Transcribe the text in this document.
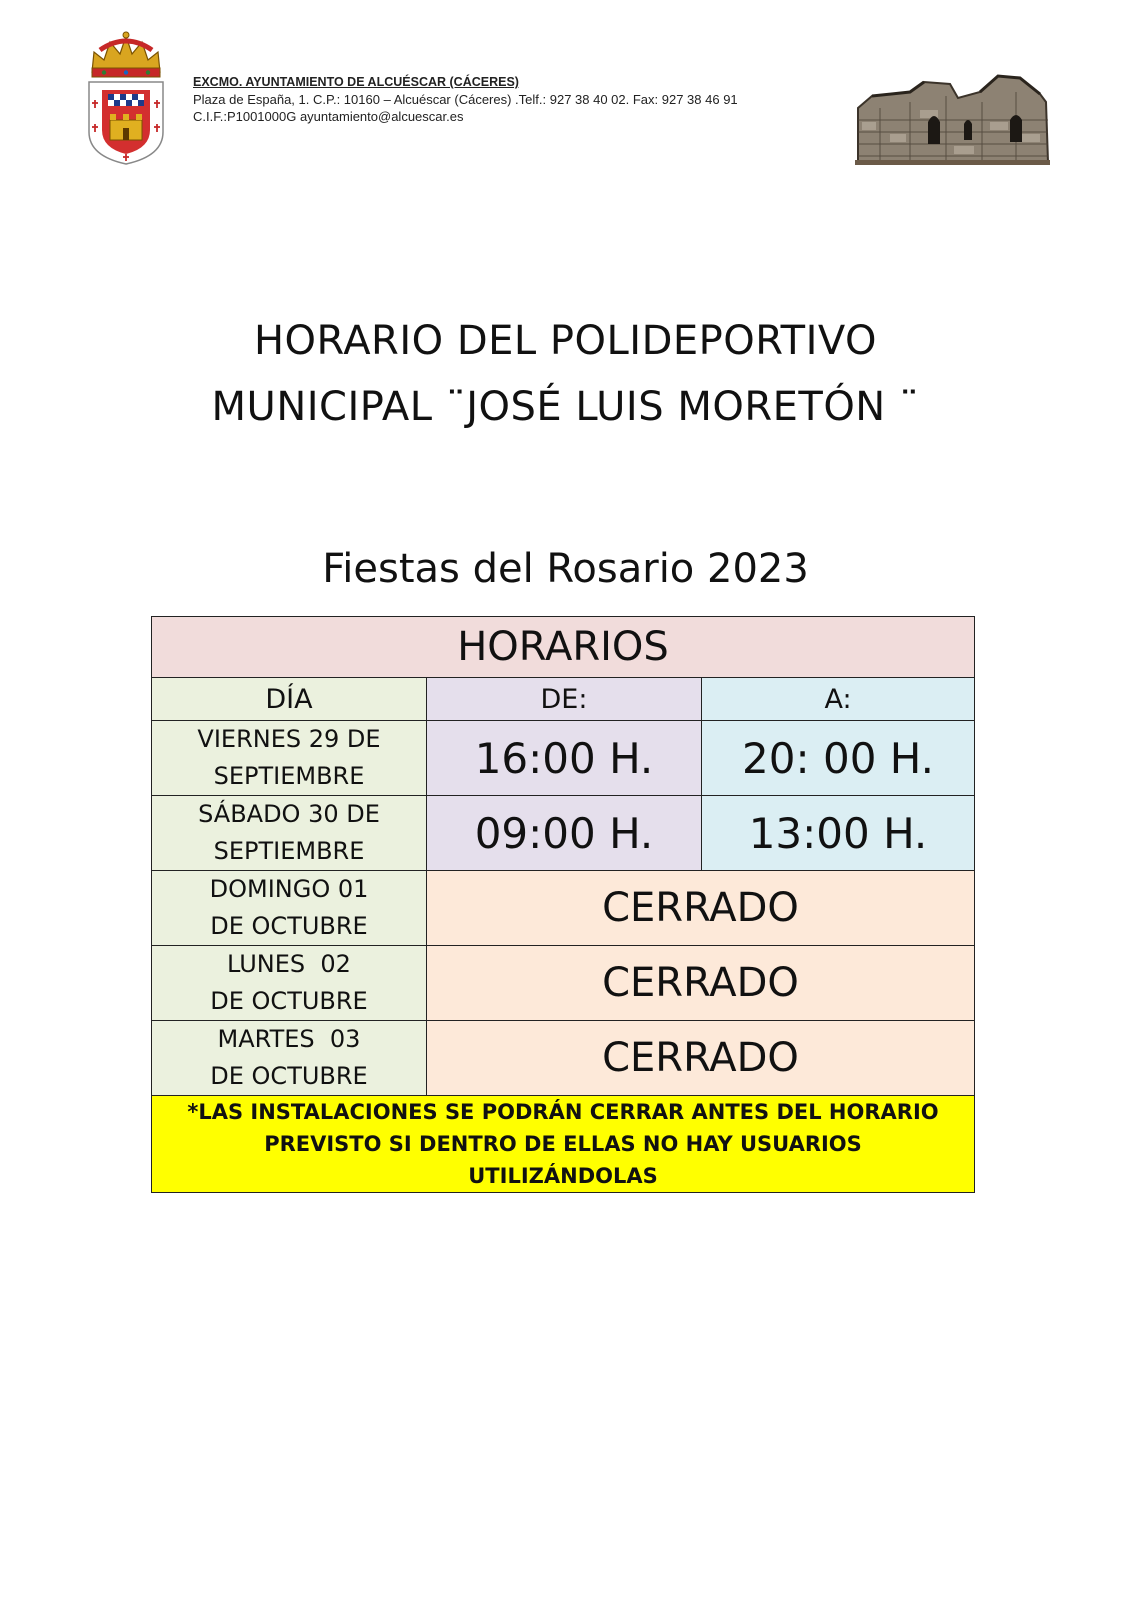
EXCMO. AYUNTAMIENTO DE ALCUÉSCAR (CÁCERES)
Plaza de España, 1. C.P.: 10160 – Alcuéscar (Cáceres) .Telf.: 927 38 40 02. Fax: 927 38 46 91
C.I.F.:P1001000G ayuntamiento@alcuescar.es
HORARIO DEL POLIDEPORTIVO
MUNICIPAL ¨JOSÉ LUIS MORETÓN ¨
Fiestas del Rosario 2023
HORARIOS		
DÍA	DE:	A:

VIERNES 29 DE
SEPTIEMBRE	16:00 H.	20: 00 H.

SÁBADO 30 DE
SEPTIEMBRE	09:00 H.	13:00 H.

DOMINGO 01
DE OCTUBRE	CERRADO	

LUNES  02
DE OCTUBRE	CERRADO	

MARTES  03
DE OCTUBRE	CERRADO	

*LAS INSTALACIONES SE PODRÁN CERRAR ANTES DEL HORARIO
PREVISTO SI DENTRO DE ELLAS NO HAY USUARIOS
UTILIZÁNDOLAS		
